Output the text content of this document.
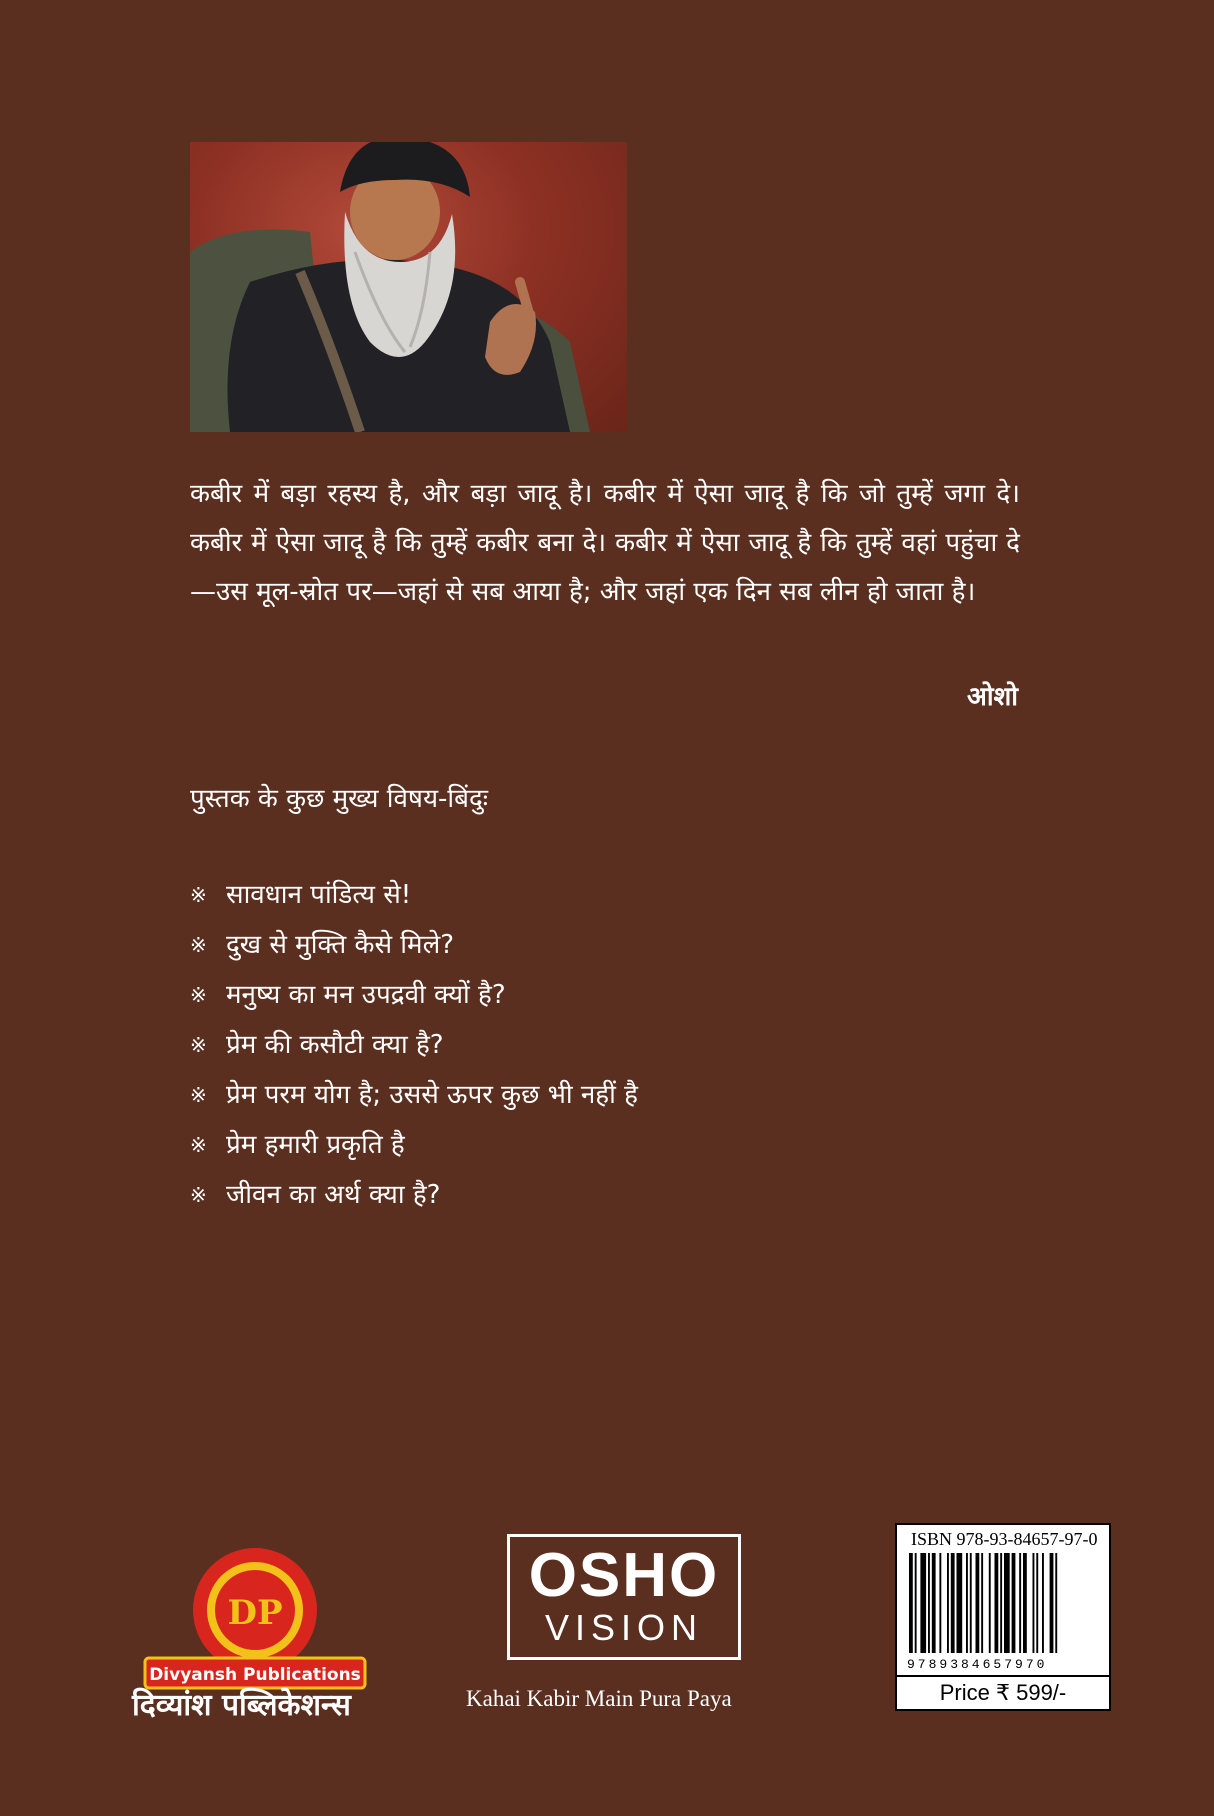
कबीर में बड़ा रहस्य है, और बड़ा जादू है। कबीर में ऐसा जादू है कि जो तुम्हें जगा दे। कबीर में ऐसा जादू है कि तुम्हें कबीर बना दे। कबीर में ऐसा जादू है कि तुम्हें वहां पहुंचा दे—उस मूल-स्रोत पर—जहां से सब आया है; और जहां एक दिन सब लीन हो जाता है।
ओशो
पुस्तक के कुछ मुख्य विषय-बिंदुः
※ सावधान पांडित्य से!
※ दुख से मुक्ति कैसे मिले?
※ मनुष्य का मन उपद्रवी क्यों है?
※ प्रेम की कसौटी क्या है?
※ प्रेम परम योग है; उससे ऊपर कुछ भी नहीं है
※ प्रेम हमारी प्रकृति है
※ जीवन का अर्थ क्या है?
DP
Divyansh Publications
दिव्यांश पब्लिकेशन्स
OSHO
VISION
Kahai Kabir Main Pura Paya
ISBN 978-93-84657-97-0
9789384657970
Price ₹ 599/-
